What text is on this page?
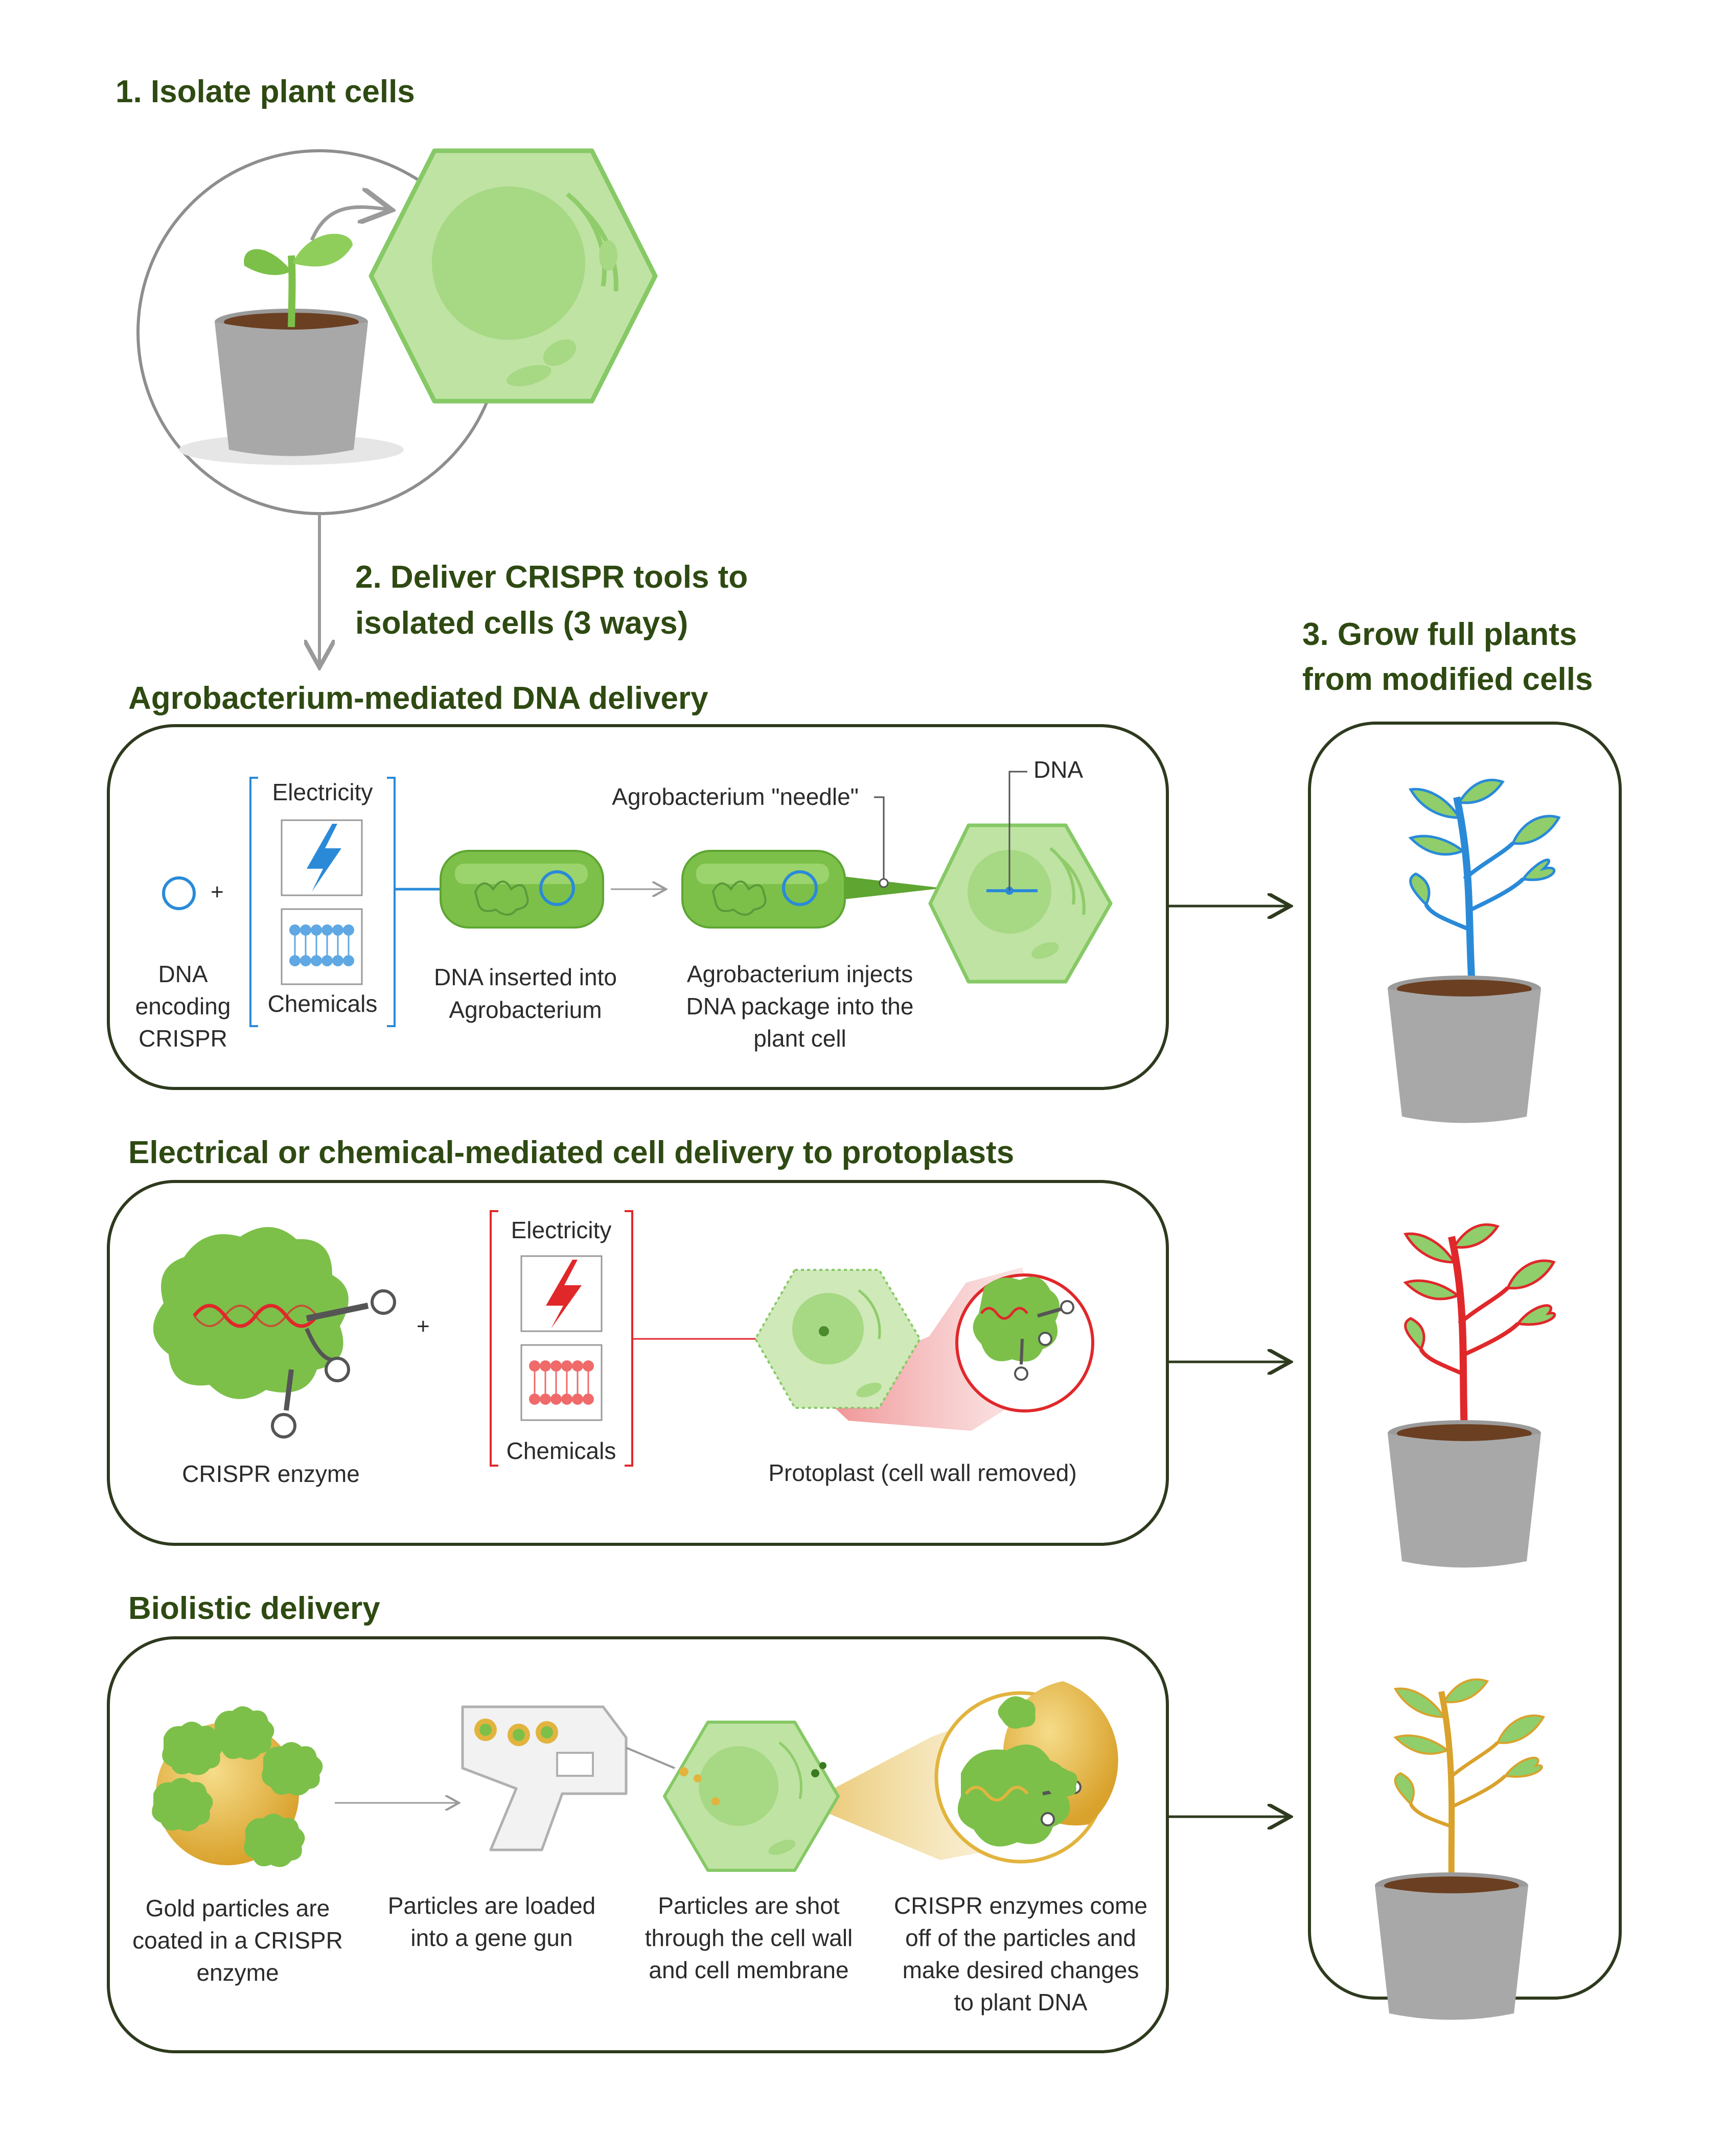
1. Isolate plant cells
2. Deliver CRISPR tools to
isolated cells (3 ways)	3. Grow full plants
from modified cells
Agrobacterium-mediated DNA delivery
+
DNA
encoding
CRISPR
Electricity
Chemicals
DNA inserted into
Agrobacterium
Agrobacterium "needle"
Agrobacterium injects
DNA package into the
plant cell
DNA
Electrical or chemical-mediated cell delivery to protoplasts
+
CRISPR enzyme
Electricity
Chemicals
Protoplast (cell wall removed)
Biolistic delivery
Gold particles are
coated in a CRISPR
enzyme
Particles are loaded
into a gene gun
Particles are shot
through the cell wall
and cell membrane
CRISPR enzymes come
off of the particles and
make desired changes
to plant DNA
